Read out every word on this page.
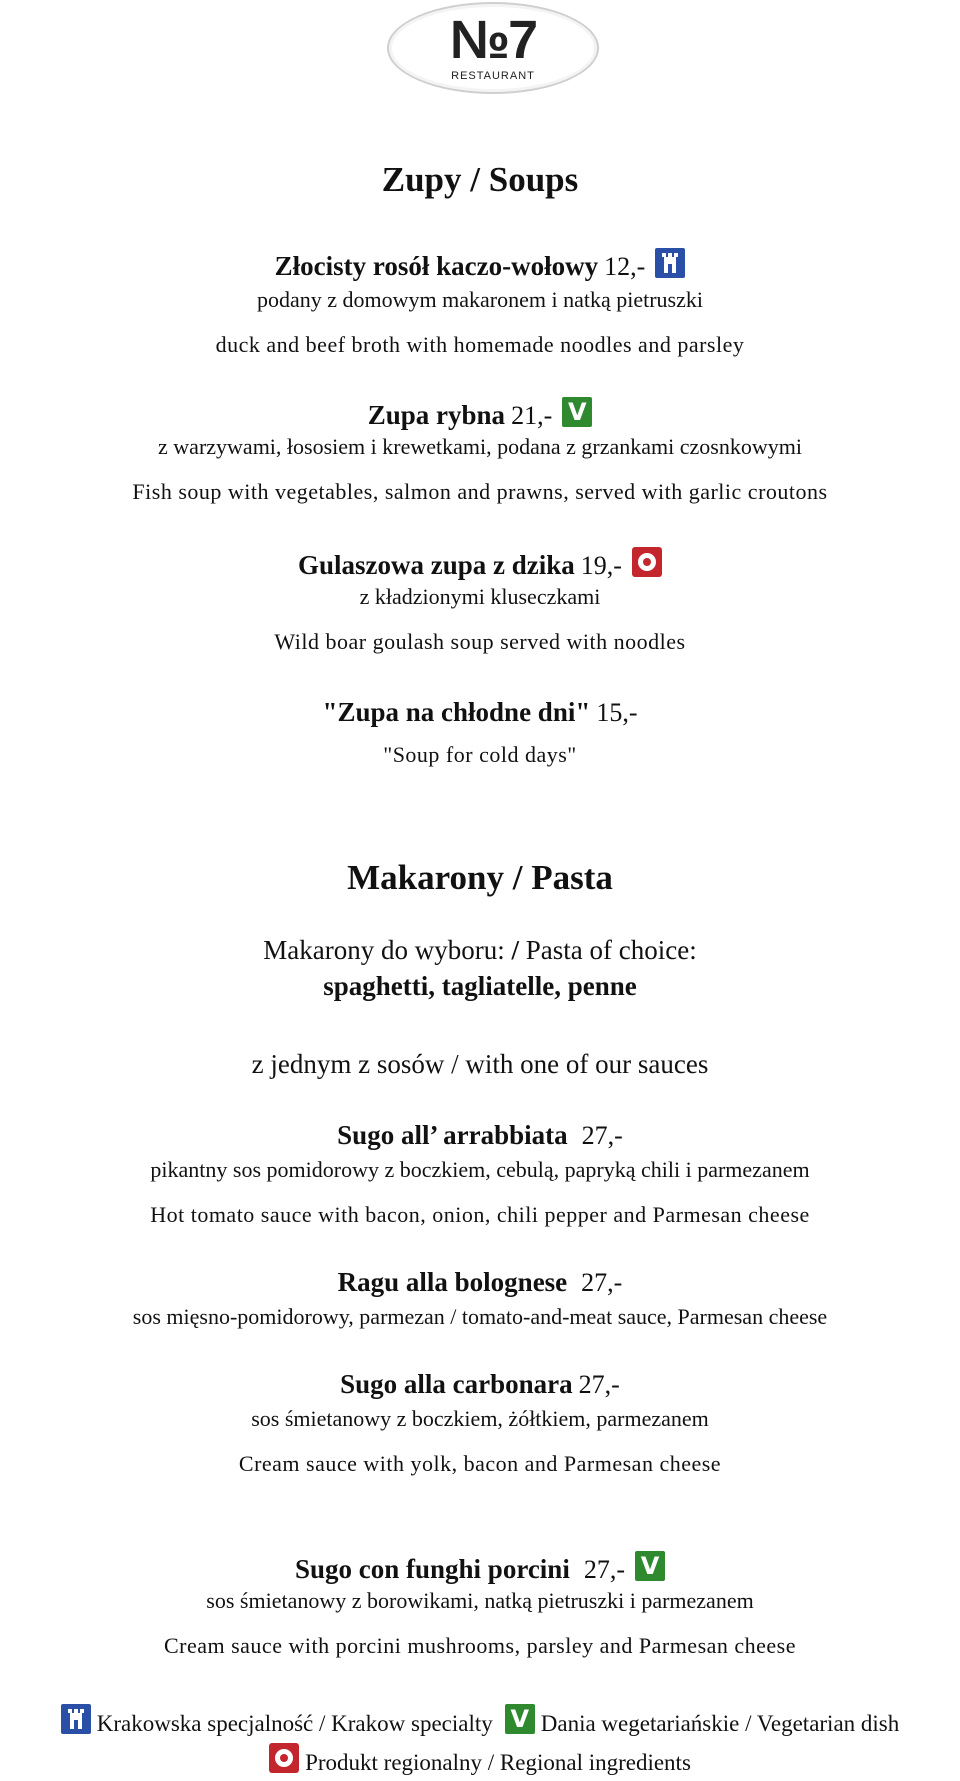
№7
RESTAURANT
Zupy / Soups
Złocisty rosół kaczo-wołowy 12,-
podany z domowym makaronem i natką pietruszki
duck and beef broth with homemade noodles and parsley
Zupa rybna 21,-V
z warzywami, łososiem i krewetkami, podana z grzankami czosnkowymi
Fish soup with vegetables, salmon and prawns, served with garlic croutons
Gulaszowa zupa z dzika 19,-
z kładzionymi kluseczkami
Wild boar goulash soup served with noodles
"Zupa na chłodne dni" 15,-
"Soup for cold days"
Makarony / Pasta
Makarony do wyboru: / Pasta of choice:
spaghetti, tagliatelle, penne
z jednym z sosów / with one of our sauces
Sugo all’ arrabbiata 27,-
pikantny sos pomidorowy z boczkiem, cebulą, papryką chili i parmezanem
Hot tomato sauce with bacon, onion, chili pepper and Parmesan cheese
Ragu alla bolognese 27,-
sos mięsno-pomidorowy, parmezan / tomato-and-meat sauce, Parmesan cheese
Sugo alla carbonara 27,-
sos śmietanowy z boczkiem, żółtkiem, parmezanem
Cream sauce with yolk, bacon and Parmesan cheese
Sugo con funghi porcini 27,-V
sos śmietanowy z borowikami, natką pietruszki i parmezanem
Cream sauce with porcini mushrooms, parsley and Parmesan cheese
Krakowska specjalność / Krakow specialtyV Dania wegetariańskie / Vegetarian dish
Produkt regionalny / Regional ingredients
